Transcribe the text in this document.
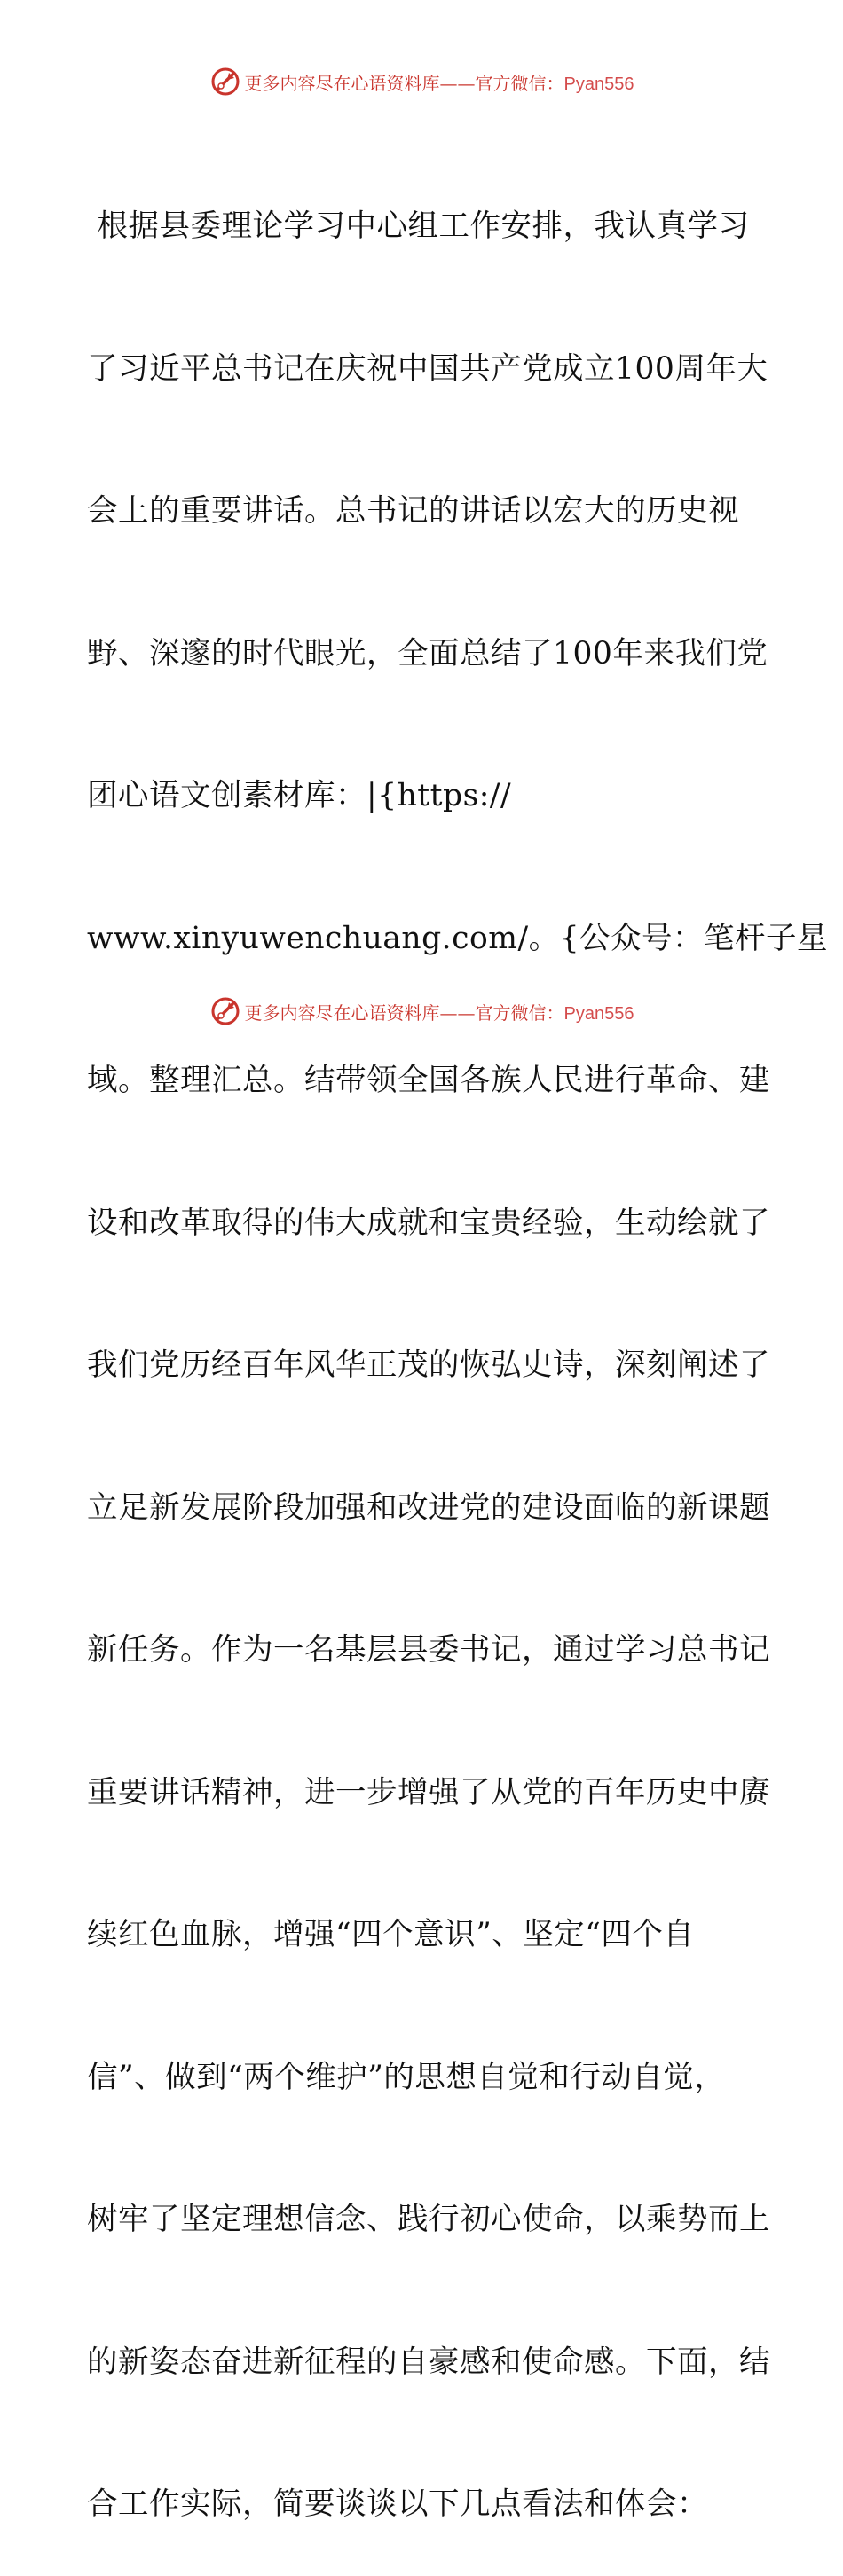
更多内容尽在心语资料库——官方微信：Pyan556

根据县委理论学习中心组工作安排，我认真学习

了习近平总书记在庆祝中国共产党成立100周年大

会上的重要讲话。总书记的讲话以宏大的历史视

野、深邃的时代眼光，全面总结了100年来我们党

团心语文创素材库：|{https://

www.xinyuwenchuang.com/。{公众号：笔杆子星

域。整理汇总。结带领全国各族人民进行革命、建

设和改革取得的伟大成就和宝贵经验，生动绘就了

我们党历经百年风华正茂的恢弘史诗，深刻阐述了

立足新发展阶段加强和改进党的建设面临的新课题

新任务。作为一名基层县委书记，通过学习总书记

重要讲话精神，进一步增强了从党的百年历史中赓

续红色血脉，增强“四个意识”、坚定“四个自

信”、做到“两个维护”的思想自觉和行动自觉，

树牢了坚定理想信念、践行初心使命，以乘势而上

的新姿态奋进新征程的自豪感和使命感。下面，结

合工作实际，简要谈谈以下几点看法和体会：

更多内容尽在心语资料库——官方微信：Pyan556
